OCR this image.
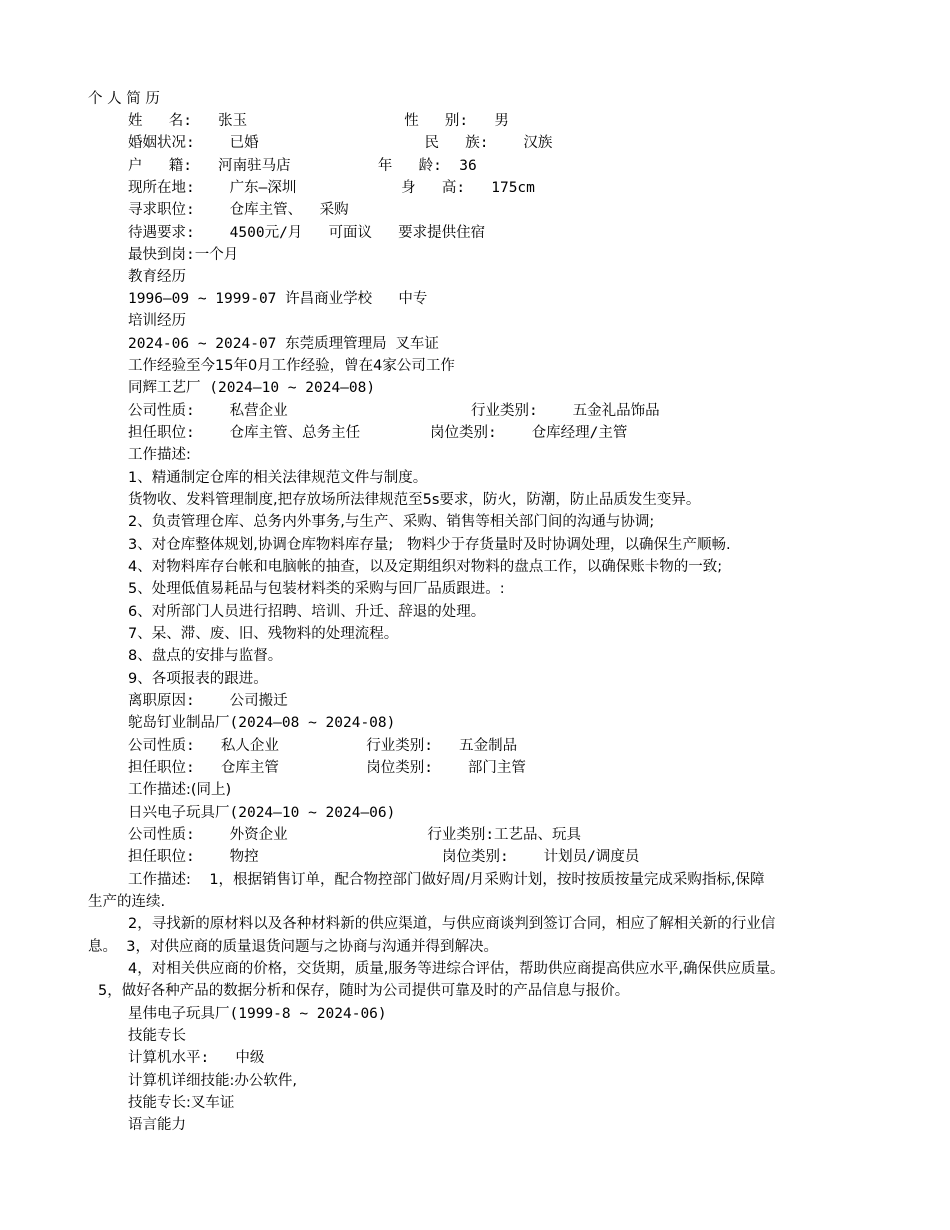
个 人 简 历
姓   名:   张玉                  性   别:   男
婚姻状况:    已婚                   民   族:    汉族
户   籍:   河南驻马店          年   龄:  36
现所在地:    广东—深圳            身   高:   175cm
寻求职位:    仓库主管、  采购
待遇要求:    4500元/月   可面议   要求提供住宿
最快到岗:一个月
教育经历
1996—09 ~ 1999-07 许昌商业学校   中专
培训经历
2024-06 ~ 2024-07 东莞质理管理局 叉车证
工作经验至今15年0月工作经验，曾在4家公司工作
同辉工艺厂 (2024—10 ~ 2024—08)
公司性质:    私营企业                     行业类别:    五金礼品饰品
担任职位:    仓库主管、总务主任        岗位类别:    仓库经理/主管
工作描述:
1、精通制定仓库的相关法律规范文件与制度。
货物收、发料管理制度,把存放场所法律规范至5s要求，防火，防潮，防止品质发生变异。
2、负责管理仓库、总务内外事务,与生产、采购、销售等相关部门间的沟通与协调;
3、对仓库整体规划,协调仓库物料库存量;   物料少于存货量时及时协调处理，以确保生产顺畅.
4、对物料库存台帐和电脑帐的抽查，以及定期组织对物料的盘点工作，以确保账卡物的一致;
5、处理低值易耗品与包装材料类的采购与回厂品质跟进。:
6、对所部门人员进行招聘、培训、升迁、辞退的处理。
7、呆、滞、废、旧、残物料的处理流程。
8、盘点的安排与监督。
9、各项报表的跟进。
离职原因:    公司搬迁
鸵岛钉业制品厂(2024—08 ~ 2024-08)
公司性质:   私人企业          行业类别:   五金制品
担任职位:   仓库主管          岗位类别:    部门主管
工作描述:(同上)
日兴电子玩具厂(2024—10 ~ 2024—06)
公司性质:    外资企业                行业类别:工艺品、玩具
担任职位:    物控                     岗位类别:    计划员/调度员
工作描述:    1，根据销售订单，配合物控部门做好周/月采购计划，按时按质按量完成采购指标,保障
生产的连续.
2，寻找新的原材料以及各种材料新的供应渠道，与供应商谈判到签订合同，相应了解相关新的行业信
息。  3，对供应商的质量退货问题与之协商与沟通并得到解决。
4，对相关供应商的价格，交货期，质量,服务等进综合评估，帮助供应商提高供应水平,确保供应质量。
5，做好各种产品的数据分析和保存，随时为公司提供可靠及时的产品信息与报价。
星伟电子玩具厂(1999-8 ~ 2024-06)
技能专长
计算机水平:   中级
计算机详细技能:办公软件,
技能专长:叉车证
语言能力
